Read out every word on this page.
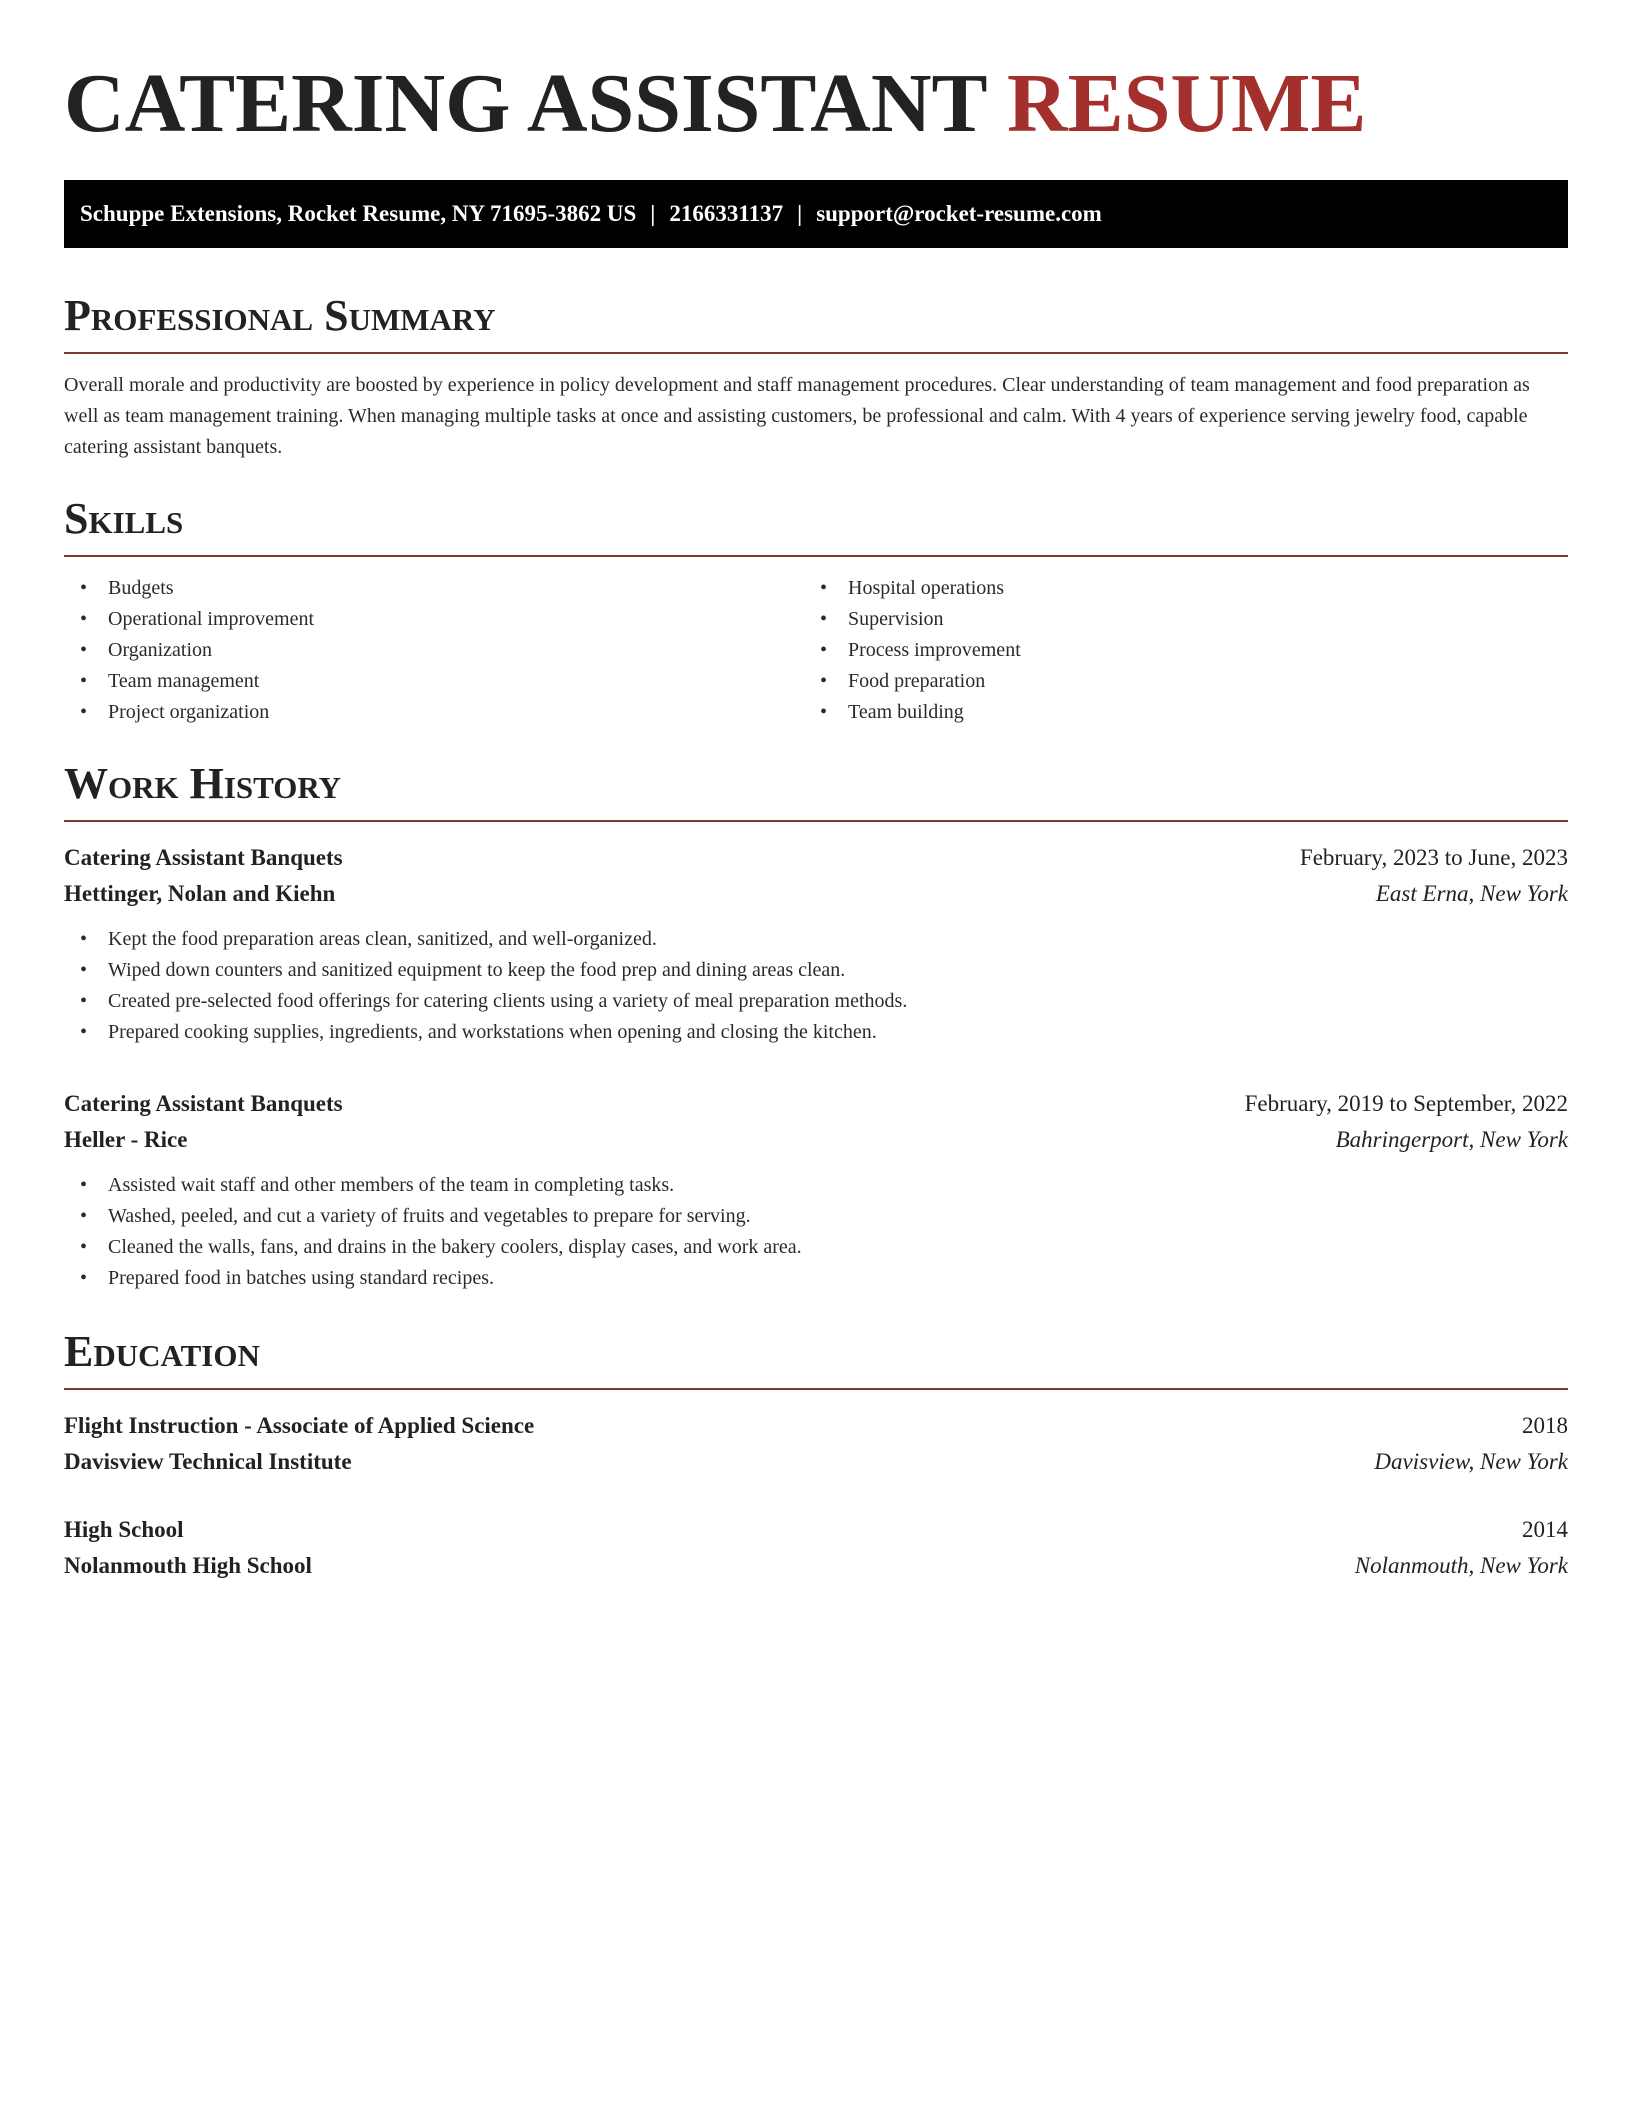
CATERING ASSISTANT RESUME
Schuppe Extensions, Rocket Resume, NY 71695-3862 US | 2166331137 | support@rocket-resume.com
Professional Summary

Overall morale and productivity are boosted by experience in policy development and staff management procedures. Clear understanding of team management and food preparation as well as team management training. When managing multiple tasks at once and assisting customers, be professional and calm. With 4 years of experience serving jewelry food, capable catering assistant banquets.

Skills
• Budgets
• Operational improvement
• Organization
• Team management
• Project organization
• Hospital operations
• Supervision
• Process improvement
• Food preparation
• Team building
Work History
Catering Assistant Banquets	February, 2023 to June, 2023
Hettinger, Nolan and Kiehn	East Erna, New York
• Kept the food preparation areas clean, sanitized, and well-organized.
• Wiped down counters and sanitized equipment to keep the food prep and dining areas clean.
• Created pre-selected food offerings for catering clients using a variety of meal preparation methods.
• Prepared cooking supplies, ingredients, and workstations when opening and closing the kitchen.
Catering Assistant Banquets	February, 2019 to September, 2022
Heller - Rice	Bahringerport, New York
• Assisted wait staff and other members of the team in completing tasks.
• Washed, peeled, and cut a variety of fruits and vegetables to prepare for serving.
• Cleaned the walls, fans, and drains in the bakery coolers, display cases, and work area.
• Prepared food in batches using standard recipes.
Education
Flight Instruction - Associate of Applied Science	2018
Davisview Technical Institute	Davisview, New York
High School	2014
Nolanmouth High School	Nolanmouth, New York
